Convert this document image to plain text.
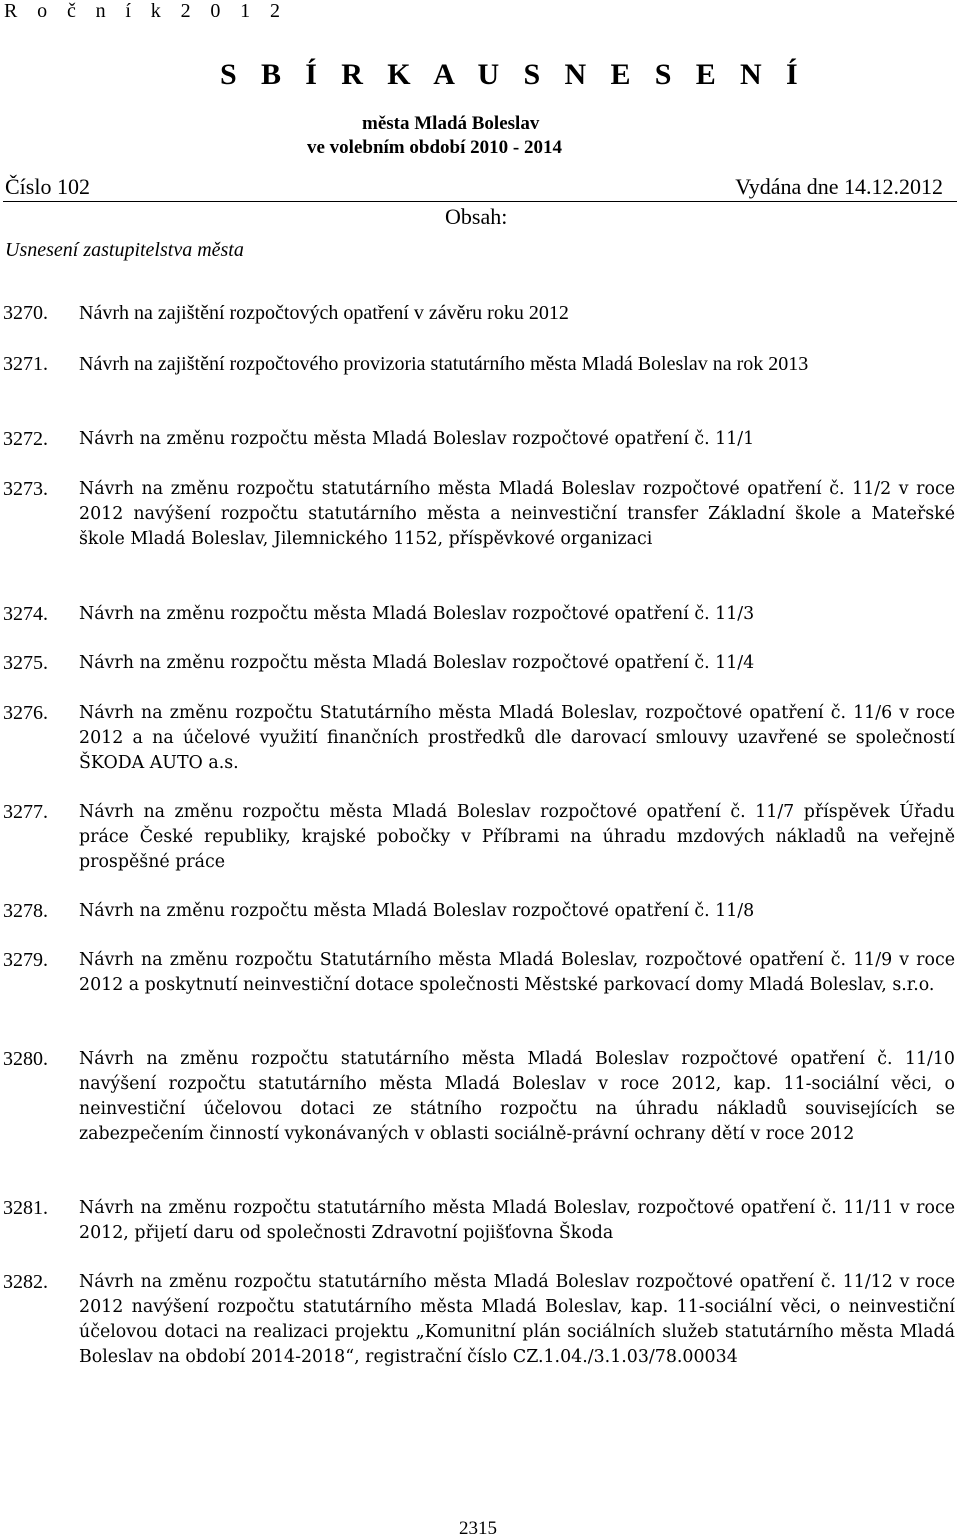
R o č n í k 2 0 1 2
S B Í R K A U S N E S E N Í
města Mladá Boleslav
ve volebním období 2010 - 2014
Číslo 102	Vydána dne 14.12.2012
Obsah:
Usnesení zastupitelstva města
3270. Návrh na zajištění rozpočtových opatření v závěru roku 2012
3271. Návrh na zajištění rozpočtového provizoria statutárního města Mladá Boleslav na rok 2013
3272. Návrh na změnu rozpočtu města Mladá Boleslav rozpočtové opatření č. 11/1
3273. Návrh na změnu rozpočtu statutárního města Mladá Boleslav rozpočtové opatření č. 11/2 v roce 2012 navýšení rozpočtu statutárního města a neinvestiční transfer Základní škole a Mateřské škole Mladá Boleslav, Jilemnického 1152, příspěvkové organizaci
3274. Návrh na změnu rozpočtu města Mladá Boleslav rozpočtové opatření č. 11/3
3275. Návrh na změnu rozpočtu města Mladá Boleslav rozpočtové opatření č. 11/4
3276. Návrh na změnu rozpočtu Statutárního města Mladá Boleslav, rozpočtové opatření č. 11/6 v roce 2012 a na účelové využití finančních prostředků dle darovací smlouvy uzavřené se společností ŠKODA AUTO a.s.
3277. Návrh na změnu rozpočtu města Mladá Boleslav rozpočtové opatření č. 11/7 příspěvek Úřadu práce České republiky, krajské pobočky v Příbrami na úhradu mzdových nákladů na veřejně prospěšné práce
3278. Návrh na změnu rozpočtu města Mladá Boleslav rozpočtové opatření č. 11/8
3279. Návrh na změnu rozpočtu Statutárního města Mladá Boleslav, rozpočtové opatření č. 11/9 v roce 2012 a poskytnutí neinvestiční dotace společnosti Městské parkovací domy Mladá Boleslav, s.r.o.
3280. Návrh na změnu rozpočtu statutárního města Mladá Boleslav rozpočtové opatření č. 11/10 navýšení rozpočtu statutárního města Mladá Boleslav v roce 2012, kap. 11-sociální věci, o neinvestiční účelovou dotaci ze státního rozpočtu na úhradu nákladů souvisejících se zabezpečením činností vykonávaných v oblasti sociálně-právní ochrany dětí v roce 2012
3281. Návrh na změnu rozpočtu statutárního města Mladá Boleslav, rozpočtové opatření č. 11/11 v roce 2012, přijetí daru od společnosti Zdravotní pojišťovna Škoda
3282. Návrh na změnu rozpočtu statutárního města Mladá Boleslav rozpočtové opatření č. 11/12 v roce 2012 navýšení rozpočtu statutárního města Mladá Boleslav, kap. 11-sociální věci, o neinvestiční účelovou dotaci na realizaci projektu „Komunitní plán sociálních služeb statutárního města Mladá Boleslav na období 2014-2018“, registrační číslo CZ.1.04./3.1.03/78.00034
2315
